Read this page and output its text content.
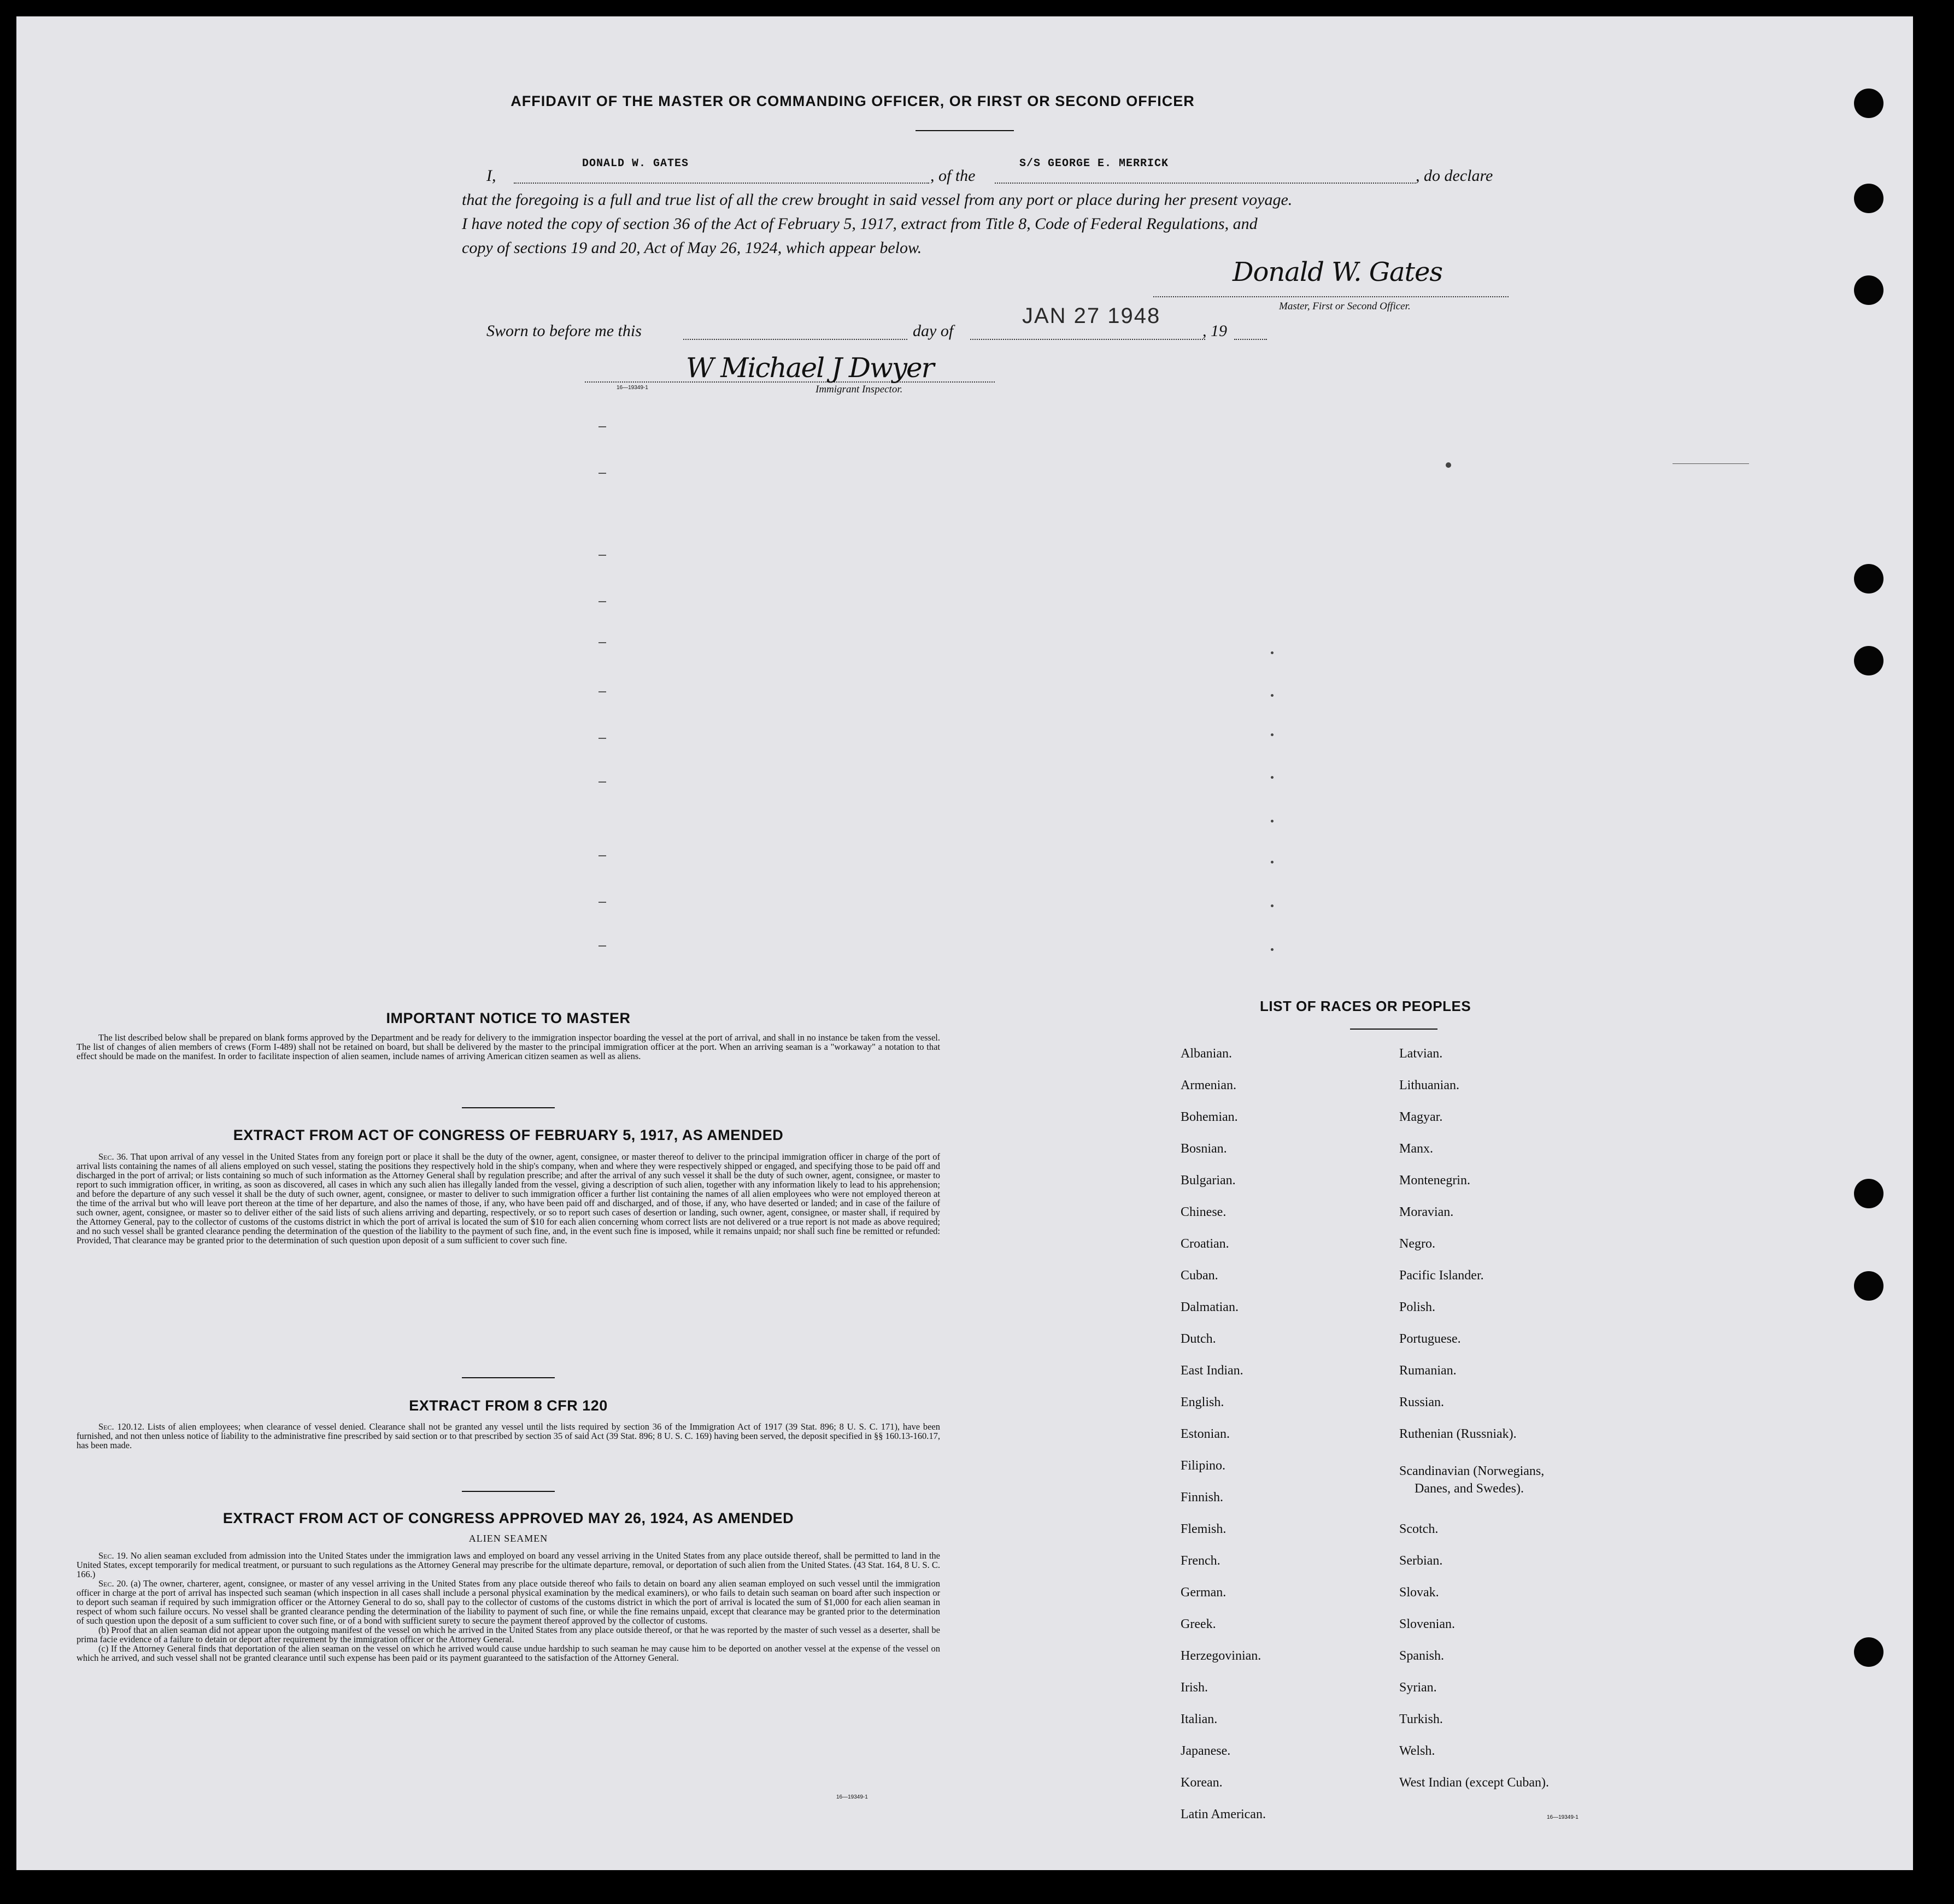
AFFIDAVIT OF THE MASTER OR COMMANDING OFFICER, OR FIRST OR SECOND OFFICER
I,
DONALD W. GATES
, of the
S/S GEORGE E. MERRICK
, do declare
that the foregoing is a full and true list of all the crew brought in said vessel from any port or place during her present voyage.
I have noted the copy of section 36 of the Act of February 5, 1917, extract from Title 8, Code of Federal Regulations, and
copy of sections 19 and 20, Act of May 26, 1924, which appear below.
Donald W. Gates
Master, First or Second Officer.
Sworn to before me this	day of
JAN 27 1948
, 19
W Michael J Dwyer
16—19349-1	Immigrant Inspector.
IMPORTANT NOTICE TO MASTER

The list described below shall be prepared on blank forms approved by the Department and be ready for delivery to the immigration inspector boarding the vessel at the port of arrival, and shall in no instance be taken from the vessel. The list of changes of alien members of crews (Form I-489) shall not be retained on board, but shall be delivered by the master to the principal immigration officer at the port. When an arriving seaman is a "workaway" a notation to that effect should be made on the manifest. In order to facilitate inspection of alien seamen, include names of arriving American citizen seamen as well as aliens.

EXTRACT FROM ACT OF CONGRESS OF FEBRUARY 5, 1917, AS AMENDED

Sec. 36. That upon arrival of any vessel in the United States from any foreign port or place it shall be the duty of the owner, agent, consignee, or master thereof to deliver to the principal immigration officer in charge of the port of arrival lists containing the names of all aliens employed on such vessel, stating the positions they respectively hold in the ship's company, when and where they were respectively shipped or engaged, and specifying those to be paid off and discharged in the port of arrival; or lists containing so much of such information as the Attorney General shall by regulation prescribe; and after the arrival of any such vessel it shall be the duty of such owner, agent, consignee, or master to report to such immigration officer, in writing, as soon as discovered, all cases in which any such alien has illegally landed from the vessel, giving a description of such alien, together with any information likely to lead to his apprehension; and before the departure of any such vessel it shall be the duty of such owner, agent, consignee, or master to deliver to such immigration officer a further list containing the names of all alien employees who were not employed thereon at the time of the arrival but who will leave port thereon at the time of her departure, and also the names of those, if any, who have been paid off and discharged, and of those, if any, who have deserted or landed; and in case of the failure of such owner, agent, consignee, or master so to deliver either of the said lists of such aliens arriving and departing, respectively, or so to report such cases of desertion or landing, such owner, agent, consignee, or master shall, if required by the Attorney General, pay to the collector of customs of the customs district in which the port of arrival is located the sum of $10 for each alien concerning whom correct lists are not delivered or a true report is not made as above required; and no such vessel shall be granted clearance pending the determination of the question of the liability to the payment of such fine, and, in the event such fine is imposed, while it remains unpaid; nor shall such fine be remitted or refunded: Provided, That clearance may be granted prior to the determination of such question upon deposit of a sum sufficient to cover such fine.

EXTRACT FROM 8 CFR 120

Sec. 120.12. Lists of alien employees; when clearance of vessel denied. Clearance shall not be granted any vessel until the lists required by section 36 of the Immigration Act of 1917 (39 Stat. 896; 8 U. S. C. 171), have been furnished, and not then unless notice of liability to the administrative fine prescribed by said section or to that prescribed by section 35 of said Act (39 Stat. 896; 8 U. S. C. 169) having been served, the deposit specified in §§ 160.13-160.17, has been made.

EXTRACT FROM ACT OF CONGRESS APPROVED MAY 26, 1924, AS AMENDED
ALIEN SEAMEN

Sec. 19. No alien seaman excluded from admission into the United States under the immigration laws and employed on board any vessel arriving in the United States from any place outside thereof, shall be permitted to land in the United States, except temporarily for medical treatment, or pursuant to such regulations as the Attorney General may prescribe for the ultimate departure, removal, or deportation of such alien from the United States. (43 Stat. 164, 8 U. S. C. 166.)

Sec. 20. (a) The owner, charterer, agent, consignee, or master of any vessel arriving in the United States from any place outside thereof who fails to detain on board any alien seaman employed on such vessel until the immigration officer in charge at the port of arrival has inspected such seaman (which inspection in all cases shall include a personal physical examination by the medical examiners), or who fails to detain such seaman on board after such inspection or to deport such seaman if required by such immigration officer or the Attorney General to do so, shall pay to the collector of customs of the customs district in which the port of arrival is located the sum of $1,000 for each alien seaman in respect of whom such failure occurs. No vessel shall be granted clearance pending the determination of the liability to payment of such fine, or while the fine remains unpaid, except that clearance may be granted prior to the determination of such question upon the deposit of a sum sufficient to cover such fine, or of a bond with sufficient surety to secure the payment thereof approved by the collector of customs.

(b) Proof that an alien seaman did not appear upon the outgoing manifest of the vessel on which he arrived in the United States from any place outside thereof, or that he was reported by the master of such vessel as a deserter, shall be prima facie evidence of a failure to detain or deport after requirement by the immigration officer or the Attorney General.

(c) If the Attorney General finds that deportation of the alien seaman on the vessel on which he arrived would cause undue hardship to such seaman he may cause him to be deported on another vessel at the expense of the vessel on which he arrived, and such vessel shall not be granted clearance until such expense has been paid or its payment guaranteed to the satisfaction of the Attorney General.

16—19349-1
LIST OF RACES OR PEOPLES
Albanian.
Armenian.
Bohemian.
Bosnian.
Bulgarian.
Chinese.
Croatian.
Cuban.
Dalmatian.
Dutch.
East Indian.
English.
Estonian.
Filipino.
Finnish.
Flemish.
French.
German.
Greek.
Herzegovinian.
Irish.
Italian.
Japanese.
Korean.
Latin American.
Latvian.
Lithuanian.
Magyar.
Manx.
Montenegrin.
Moravian.
Negro.
Pacific Islander.
Polish.
Portuguese.
Rumanian.
Russian.
Ruthenian (Russniak).
Scandinavian (Norwegians,
Danes, and Swedes).
Scotch.
Serbian.
Slovak.
Slovenian.
Spanish.
Syrian.
Turkish.
Welsh.
West Indian (except Cuban).
16—19349-1
